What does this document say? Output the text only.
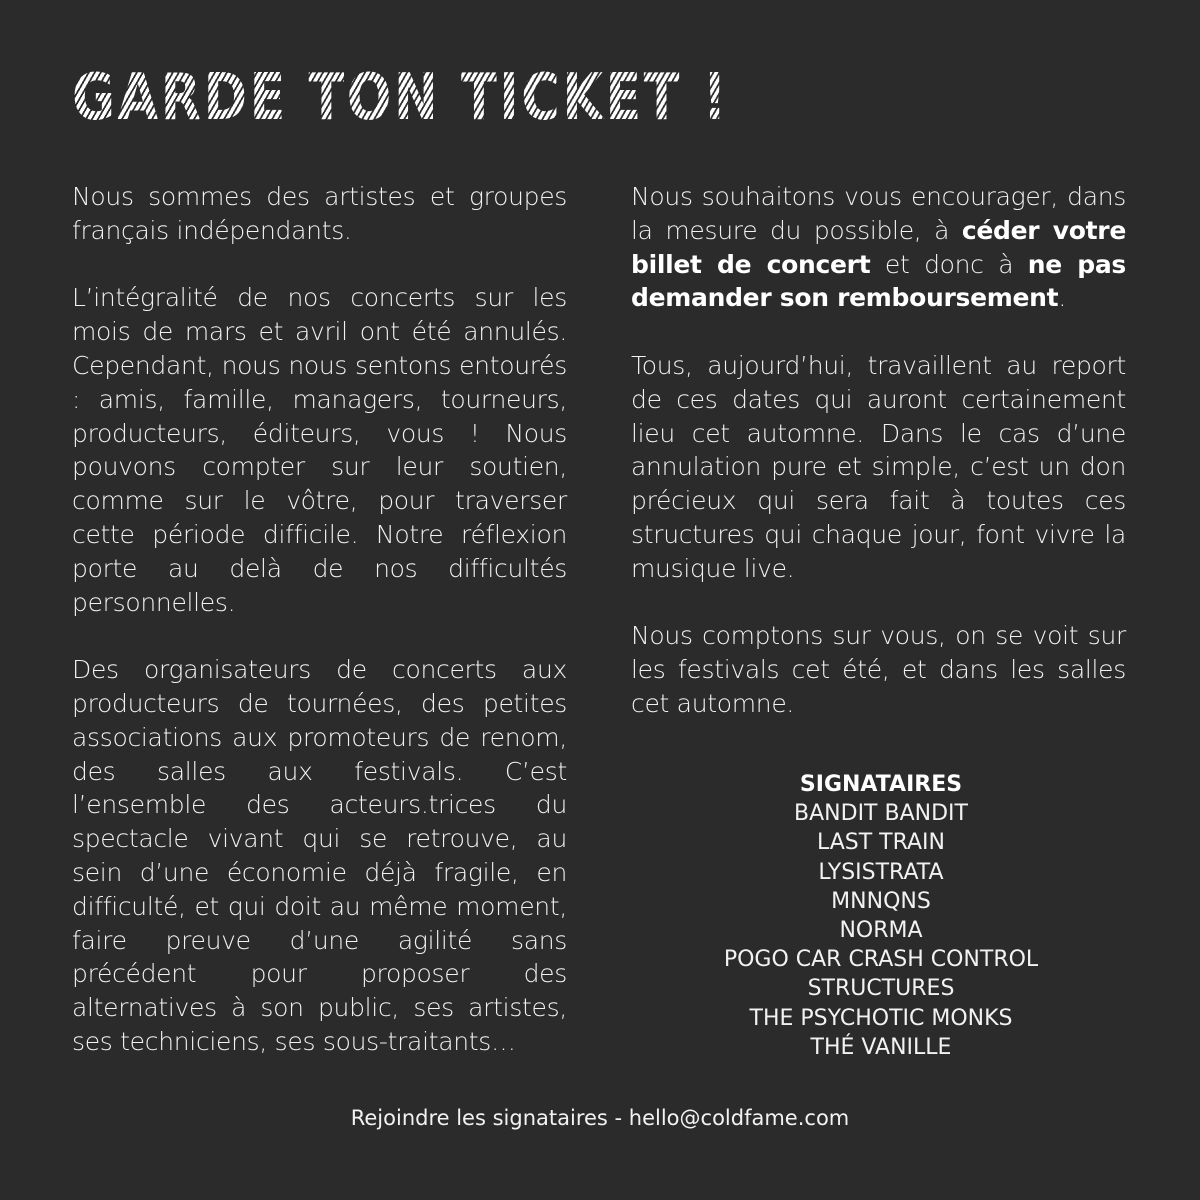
GARDE TON TICKET !

Nous sommes des artistes et groupes français indépendants.

L’intégralité de nos concerts sur les mois de mars et avril ont été annulés. Cependant, nous nous sentons entourés : amis, famille, managers, tourneurs, producteurs, éditeurs, vous ! Nous pouvons compter sur leur soutien, comme sur le vôtre, pour traverser cette période difficile. Notre réflexion porte au delà de nos difficultés personnelles.

Des organisateurs de concerts aux producteurs de tournées, des petites associations aux promoteurs de renom, des salles aux festivals. C’est l’ensemble des acteurs.trices du spectacle vivant qui se retrouve, au sein d’une économie déjà fragile, en difficulté, et qui doit au même moment, faire preuve d’une agilité sans précédent pour proposer des alternatives à son public, ses artistes, ses techniciens, ses sous-traitants…

Nous souhaitons vous encourager, dans la mesure du possible, à céder votre billet de concert et donc à ne pas demander son remboursement.

Tous, aujourd’hui, travaillent au report de ces dates qui auront certainement lieu cet automne. Dans le cas d’une annulation pure et simple, c’est un don précieux qui sera fait à toutes ces structures qui chaque jour, font vivre la musique live.

Nous comptons sur vous, on se voit sur les festivals cet été, et dans les salles cet automne.

SIGNATAIRES
BANDIT BANDIT
LAST TRAIN
LYSISTRATA
MNNQNS
NORMA
POGO CAR CRASH CONTROL
STRUCTURES
THE PSYCHOTIC MONKS
THÉ VANILLE
Rejoindre les signataires - hello@coldfame.com
